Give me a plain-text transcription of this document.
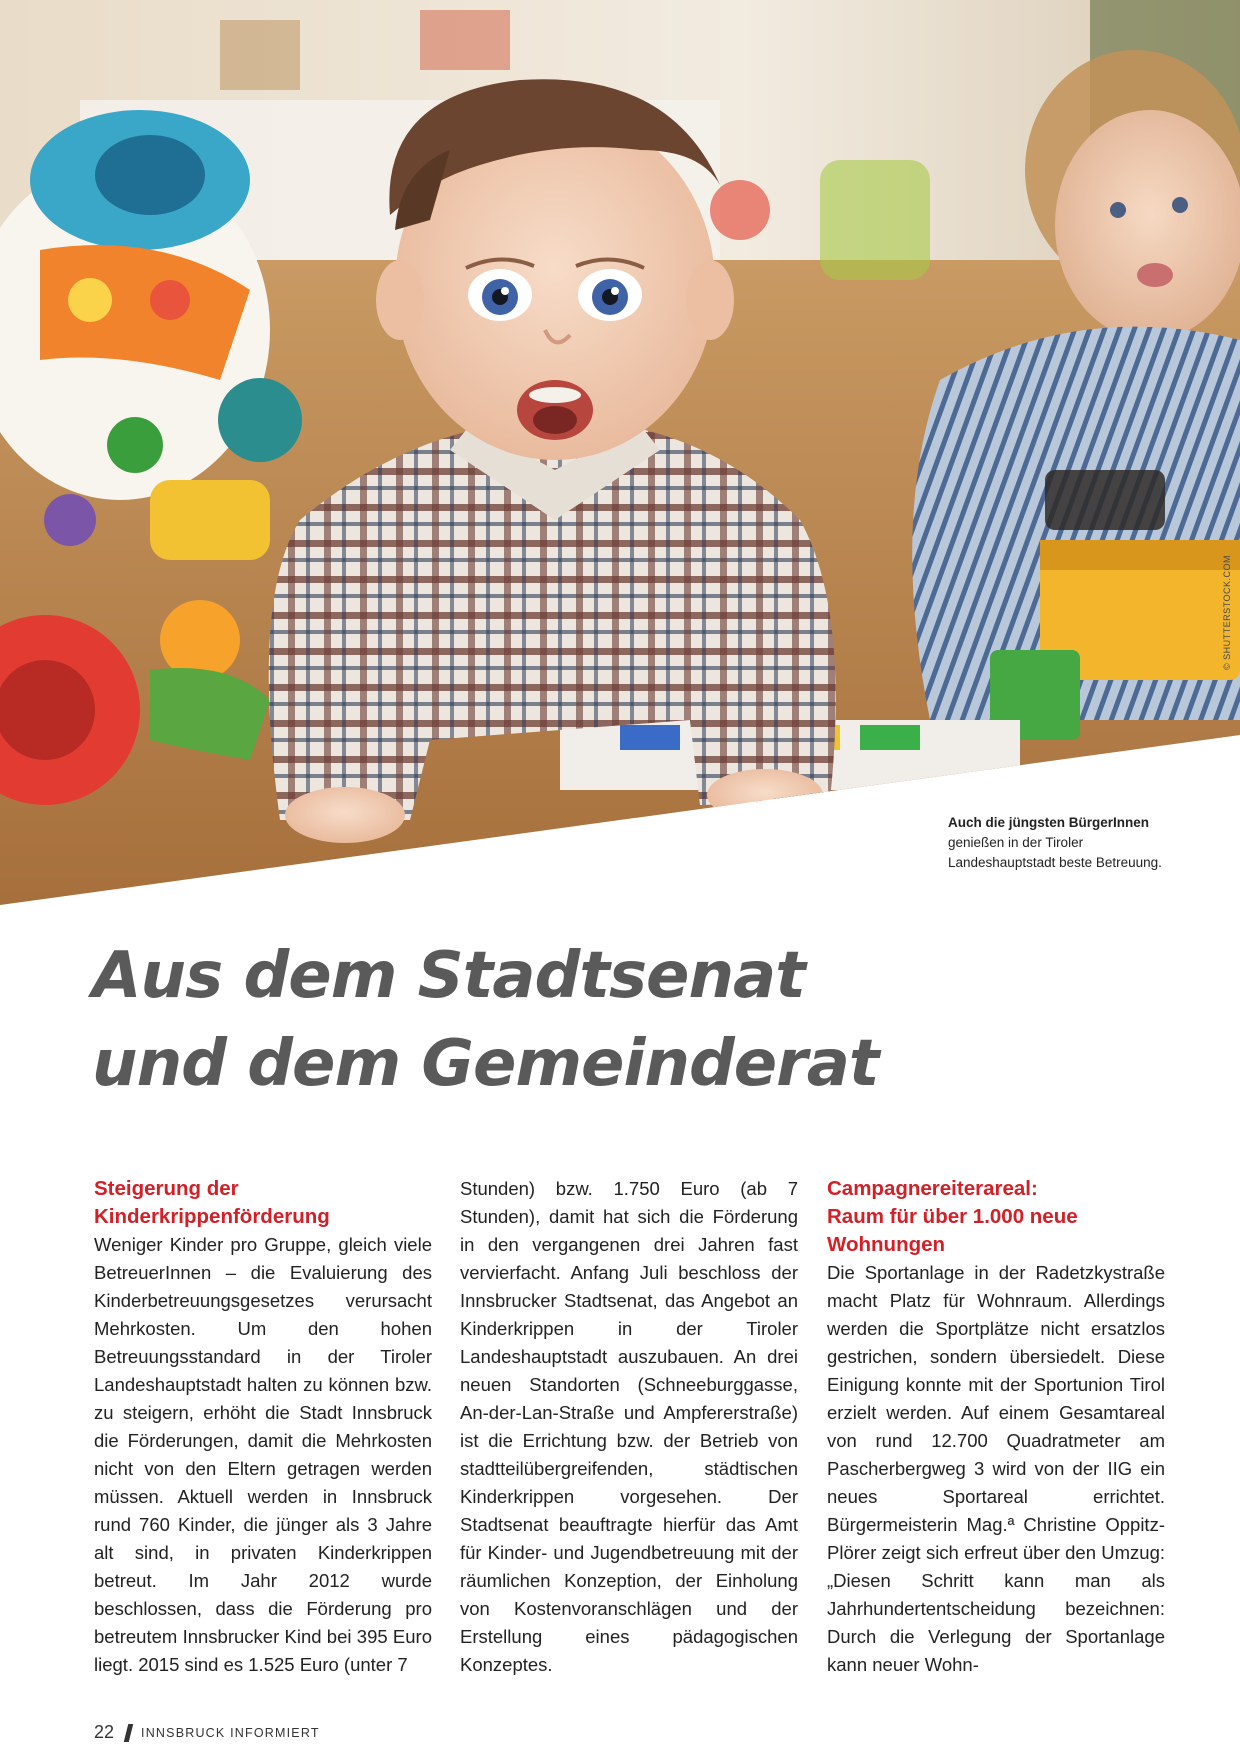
© SHUTTERSTOCK.COM
Auch die jüngsten BürgerInnen
genießen in der Tiroler Landeshauptstadt beste Betreuung.
Aus dem Stadtsenat
und dem Gemeinderat
Steigerung der
Kinderkrippenförderung

Weniger Kinder pro Gruppe, gleich viele BetreuerInnen – die Evaluierung des Kinderbetreuungsgesetzes verursacht Mehrkosten. Um den hohen Betreuungsstandard in der Tiroler Landeshauptstadt halten zu können bzw. zu steigern, erhöht die Stadt Innsbruck die Förderungen, damit die Mehrkosten nicht von den Eltern getragen werden müssen. Aktuell werden in Innsbruck rund 760 Kinder, die jünger als 3 Jahre alt sind, in privaten Kinderkrippen betreut. Im Jahr 2012 wurde beschlossen, dass die Förderung pro betreutem Innsbrucker Kind bei 395 Euro liegt. 2015 sind es 1.525 Euro (unter 7

Stunden) bzw. 1.750 Euro (ab 7 Stunden), damit hat sich die Förderung in den vergangenen drei Jahren fast vervierfacht. Anfang Juli beschloss der Innsbrucker Stadtsenat, das Angebot an Kinderkrippen in der Tiroler Landeshauptstadt auszubauen. An drei neuen Standorten (Schneeburggasse, An-der-Lan-Straße und Ampfererstraße) ist die Errichtung bzw. der Betrieb von stadtteilübergreifenden, städtischen Kinderkrippen vorgesehen. Der Stadtsenat beauftragte hierfür das Amt für Kinder- und Jugendbetreuung mit der räumlichen Konzeption, der Einholung von Kostenvoranschlägen und der Erstellung eines pädagogischen Konzeptes.

Campagnereiterareal:
Raum für über 1.000 neue
Wohnungen

Die Sportanlage in der Radetzkystraße macht Platz für Wohnraum. Allerdings werden die Sportplätze nicht ersatzlos gestrichen, sondern übersiedelt. Diese Einigung konnte mit der Sportunion Tirol erzielt werden. Auf einem Gesamtareal von rund 12.700 Quadratmeter am Pascherbergweg 3 wird von der IIG ein neues Sportareal errichtet. Bürgermeisterin Mag.ª Christine Oppitz-Plörer zeigt sich erfreut über den Umzug: „Diesen Schritt kann man als Jahrhundertentscheidung bezeichnen: Durch die Verlegung der Sportanlage kann neuer Wohn-

22 INNSBRUCK INFORMIERT
